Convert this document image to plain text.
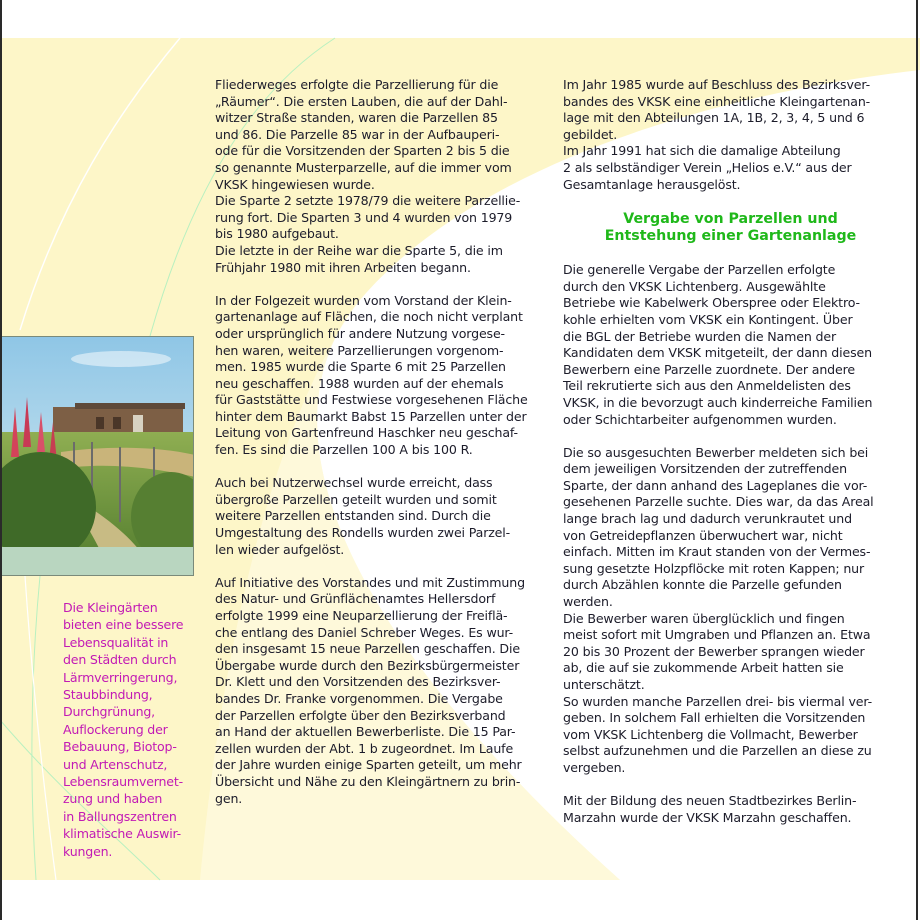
Die Kleingärten
bieten eine bessere
Lebensqualität in
den Städten durch
Lärmverringerung,
Staubbindung,
Durchgrünung,
Auflockerung der
Bebauung, Biotop-
und Artenschutz,
Lebensraumvernet-
zung und haben
in Ballungszentren
klimatische Auswir-
kungen.

Fliederweges erfolgte die Parzellierung für die
„Räumer“. Die ersten Lauben, die auf der Dahl-
witzer Straße standen, waren die Parzellen 85
und 86. Die Parzelle 85 war in der Aufbauperi-
ode für die Vorsitzenden der Sparten 2 bis 5 die
so genannte Musterparzelle, auf die immer vom
VKSK hingewiesen wurde.

Die Sparte 2 setzte 1978/79 die weitere Parzellie-
rung fort. Die Sparten 3 und 4 wurden von 1979
bis 1980 aufgebaut.

Die letzte in der Reihe war die Sparte 5, die im
Frühjahr 1980 mit ihren Arbeiten begann.

In der Folgezeit wurden vom Vorstand der Klein-
gartenanlage auf Flächen, die noch nicht verplant
oder ursprünglich für andere Nutzung vorgese-
hen waren, weitere Parzellierungen vorgenom-
men. 1985 wurde die Sparte 6 mit 25 Parzellen
neu geschaffen. 1988 wurden auf der ehemals
für Gaststätte und Festwiese vorgesehenen Fläche
hinter dem Baumarkt Babst 15 Parzellen unter der
Leitung von Gartenfreund Haschker neu geschaf-
fen. Es sind die Parzellen 100 A bis 100 R.

Auch bei Nutzerwechsel wurde erreicht, dass
übergroße Parzellen geteilt wurden und somit
weitere Parzellen entstanden sind. Durch die
Umgestaltung des Rondells wurden zwei Parzel-
len wieder aufgelöst.

Auf Initiative des Vorstandes und mit Zustimmung
des Natur- und Grünflächenamtes Hellersdorf
erfolgte 1999 eine Neuparzellierung der Freiflä-
che entlang des Daniel Schreber Weges. Es wur-
den insgesamt 15 neue Parzellen geschaffen. Die
Übergabe wurde durch den Bezirksbürgermeister
Dr. Klett und den Vorsitzenden des Bezirksver-
bandes Dr. Franke vorgenommen. Die Vergabe
der Parzellen erfolgte über den Bezirksverband
an Hand der aktuellen Bewerberliste. Die 15 Par-
zellen wurden der Abt. 1 b zugeordnet. Im Laufe
der Jahre wurden einige Sparten geteilt, um mehr
Übersicht und Nähe zu den Kleingärtnern zu brin-
gen.

Im Jahr 1985 wurde auf Beschluss des Bezirksver-
bandes des VKSK eine einheitliche Kleingartenan-
lage mit den Abteilungen 1A, 1B, 2, 3, 4, 5 und 6
gebildet.

Im Jahr 1991 hat sich die damalige Abteilung
2 als selbständiger Verein „Helios e.V.“ aus der
Gesamtanlage herausgelöst.

Vergabe von Parzellen und
Entstehung einer Gartenanlage

Die generelle Vergabe der Parzellen erfolgte
durch den VKSK Lichtenberg. Ausgewählte
Betriebe wie Kabelwerk Oberspree oder Elektro-
kohle erhielten vom VKSK ein Kontingent. Über
die BGL der Betriebe wurden die Namen der
Kandidaten dem VKSK mitgeteilt, der dann diesen
Bewerbern eine Parzelle zuordnete. Der andere
Teil rekrutierte sich aus den Anmeldelisten des
VKSK, in die bevorzugt auch kinderreiche Familien
oder Schichtarbeiter aufgenommen wurden.

Die so ausgesuchten Bewerber meldeten sich bei
dem jeweiligen Vorsitzenden der zutreffenden
Sparte, der dann anhand des Lageplanes die vor-
gesehenen Parzelle suchte. Dies war, da das Areal
lange brach lag und dadurch verunkrautet und
von Getreidepflanzen überwuchert war, nicht
einfach. Mitten im Kraut standen von der Vermes-
sung gesetzte Holzpflöcke mit roten Kappen; nur
durch Abzählen konnte die Parzelle gefunden
werden.

Die Bewerber waren überglücklich und fingen
meist sofort mit Umgraben und Pflanzen an. Etwa
20 bis 30 Prozent der Bewerber sprangen wieder
ab, die auf sie zukommende Arbeit hatten sie
unterschätzt.

So wurden manche Parzellen drei- bis viermal ver-
geben. In solchem Fall erhielten die Vorsitzenden
vom VKSK Lichtenberg die Vollmacht, Bewerber
selbst aufzunehmen und die Parzellen an diese zu
vergeben.

Mit der Bildung des neuen Stadtbezirkes Berlin-
Marzahn wurde der VKSK Marzahn geschaffen.
